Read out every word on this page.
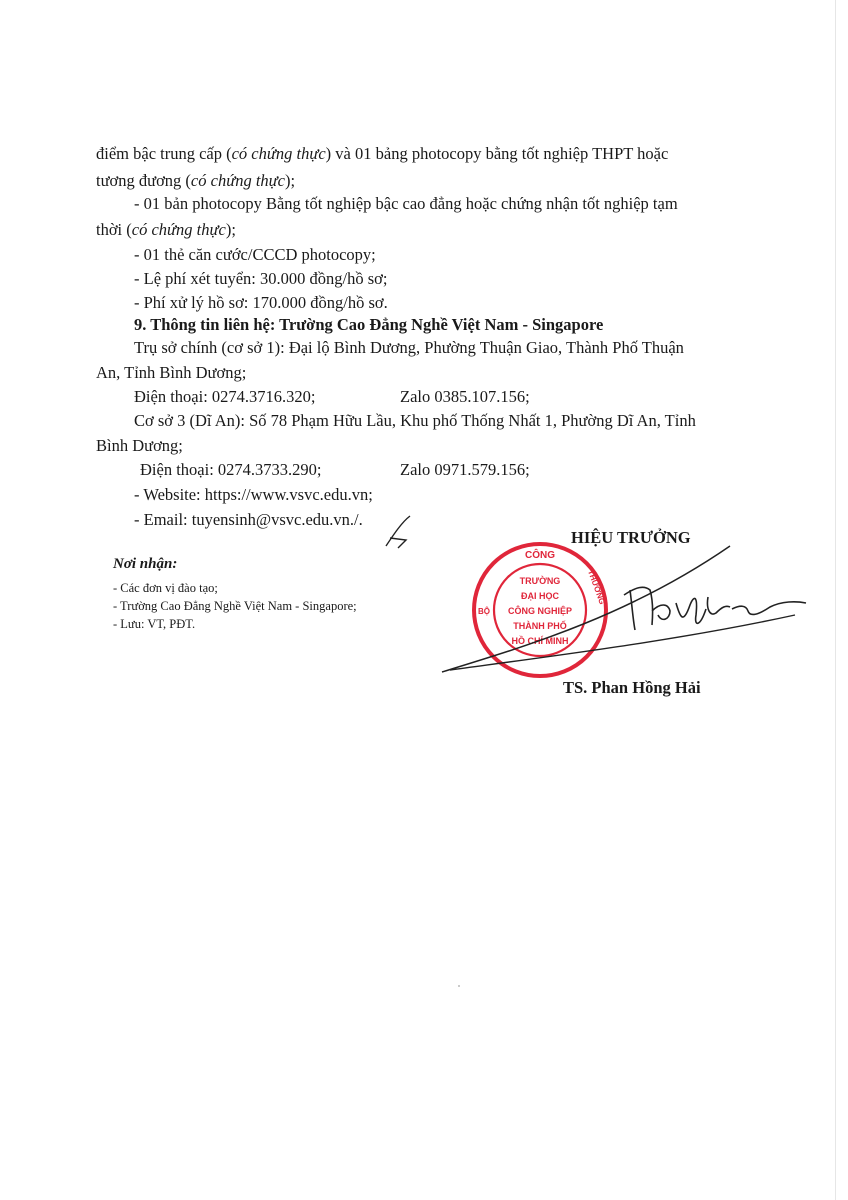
điểm bậc trung cấp (có chứng thực) và 01 bảng photocopy bằng tốt nghiệp THPT hoặc
tương đương (có chứng thực);
- 01 bản photocopy Bằng tốt nghiệp bậc cao đẳng hoặc chứng nhận tốt nghiệp tạm
thời (có chứng thực);
- 01 thẻ căn cước/CCCD photocopy;
- Lệ phí xét tuyển: 30.000 đồng/hồ sơ;
- Phí xử lý hồ sơ: 170.000 đồng/hồ sơ.
9. Thông tin liên hệ: Trường Cao Đẳng Nghề Việt Nam - Singapore
Trụ sở chính (cơ sở 1): Đại lộ Bình Dương, Phường Thuận Giao, Thành Phố Thuận
An, Tỉnh Bình Dương;
Điện thoại: 0274.3716.320;	Zalo 0385.107.156;
Cơ sở 3 (Dĩ An): Số 78 Phạm Hữu Lầu, Khu phố Thống Nhất 1, Phường Dĩ An, Tỉnh
Bình Dương;
Điện thoại: 0274.3733.290;	Zalo 0971.579.156;
- Website: https://www.vsvc.edu.vn;
- Email: tuyensinh@vsvc.edu.vn./.
Nơi nhận:
- Các đơn vị đào tạo;
- Trường Cao Đẳng Nghề Việt Nam - Singapore;
- Lưu: VT, PĐT.
HIỆU TRƯỞNG
CÔNG
BỘ
THƯƠNG
TRƯỜNG
ĐẠI HỌC
CÔNG NGHIỆP
THÀNH PHỐ
HỒ CHÍ MINH
TS. Phan Hồng Hải
